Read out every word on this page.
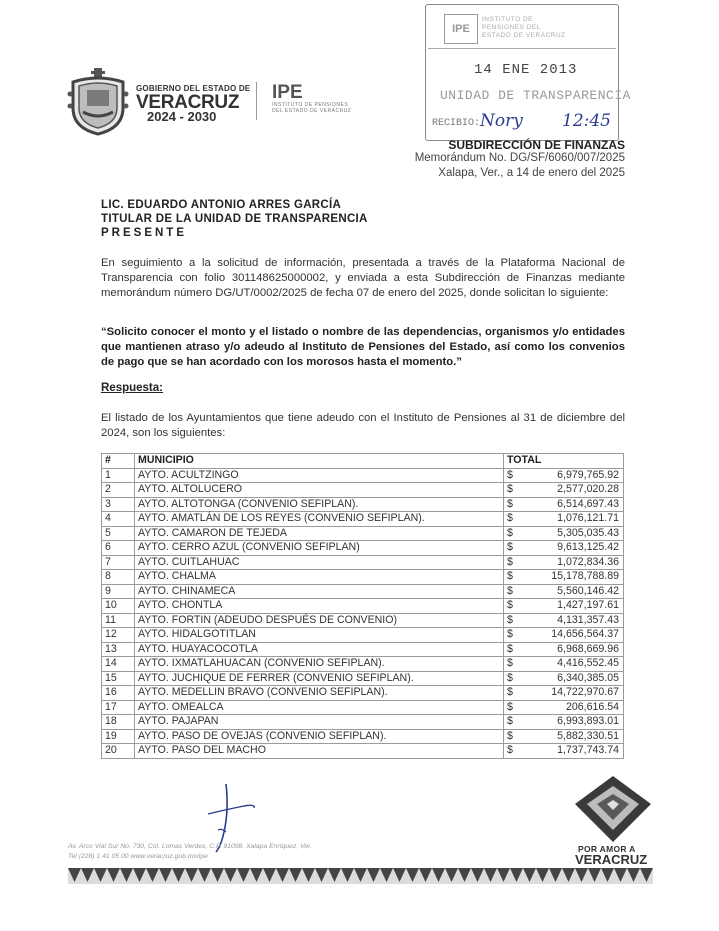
GOBIERNO DEL ESTADO DE
VERACRUZ
2024 - 2030
IPE
INSTITUTO DE PENSIONES
DEL ESTADO DE VERACRUZ
IPE
INSTITUTO DE
PENSIONES DEL
ESTADO DE VERACRUZ
14 ENE 2013
UNIDAD DE TRANSPARENCIA
RECIBIO: Nory 12:45
SUBDIRECCIÓN DE FINANZAS
Memorándum No. DG/SF/6060/007/2025
Xalapa, Ver., a 14 de enero del 2025
LIC. EDUARDO ANTONIO ARRES GARCÍA
TITULAR DE LA UNIDAD DE TRANSPARENCIA
PRESENTE
En seguimiento a la solicitud de información, presentada a través de la Plataforma Nacional de Transparencia con folio 301148625000002, y enviada a esta Subdirección de Finanzas mediante memorándum número DG/UT/0002/2025 de fecha 07 de enero del 2025, donde solicitan lo siguiente:
“Solicito conocer el monto y el listado o nombre de las dependencias, organismos y/o entidades que mantienen atraso y/o adeudo al Instituto de Pensiones del Estado, así como los convenios de pago que se han acordado con los morosos hasta el momento.”
Respuesta:
El listado de los Ayuntamientos que tiene adeudo con el Instituto de Pensiones al 31 de diciembre del 2024, son los siguientes:
#	MUNICIPIO	TOTAL
1	AYTO. ACULTZINGO	$ 6,979,765.92
2	AYTO. ALTOLUCERO	$ 2,577,020.28
3	AYTO. ALTOTONGA (CONVENIO SEFIPLAN).	$ 6,514,697.43
4	AYTO. AMATLÁN DE LOS REYES (CONVENIO SEFIPLAN).	$ 1,076,121.71
5	AYTO. CAMARON DE TEJEDA	$ 5,305,035.43
6	AYTO. CERRO AZUL (CONVENIO SEFIPLAN)	$ 9,613,125.42
7	AYTO. CUITLAHUAC	$ 1,072,834.36
8	AYTO. CHALMA	$ 15,178,788.89
9	AYTO. CHINAMECA	$ 5,560,146.42
10	AYTO. CHONTLA	$ 1,427,197.61
11	AYTO. FORTIN (ADEUDO DESPUÉS DE CONVENIO)	$ 4,131,357.43
12	AYTO. HIDALGOTITLAN	$ 14,656,564.37
13	AYTO. HUAYACOCOTLA	$ 6,968,669.96
14	AYTO. IXMATLAHUACAN (CONVENIO SEFIPLAN).	$ 4,416,552.45
15	AYTO. JUCHIQUE DE FERRER (CONVENIO SEFIPLAN).	$ 6,340,385.05
16	AYTO. MEDELLIN BRAVO (CONVENIO SEFIPLAN).	$ 14,722,970.67
17	AYTO. OMEALCA	$ 206,616.54
18	AYTO. PAJAPAN	$ 6,993,893.01
19	AYTO. PASO DE OVEJAS (CONVENIO SEFIPLAN).	$ 5,882,330.51
20	AYTO. PASO DEL MACHO	$ 1,737,743.74
Av. Arco Vial Sur No. 730, Col. Lomas Verdes, C.P. 91098, Xalapa Enríquez, Ver.
Tel (228) 1 41 05 00 www.veracruz.gob.mx/ipe
POR AMOR A
VERACRUZ
